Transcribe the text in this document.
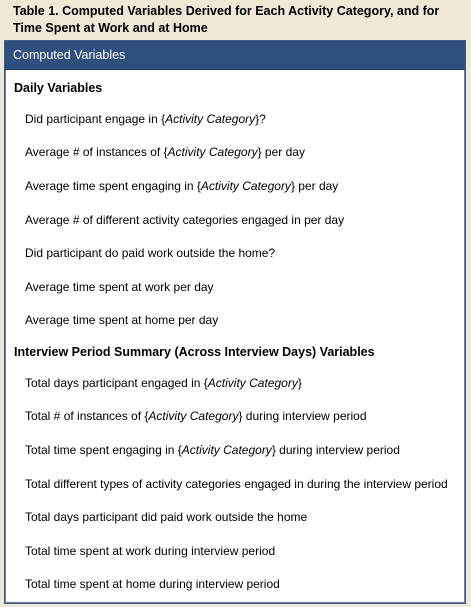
Table 1. Computed Variables Derived for Each Activity Category, and for Time Spent at Work and at Home
Computed Variables
Daily Variables
Did participant engage in {Activity Category}?
Average # of instances of {Activity Category} per day
Average time spent engaging in {Activity Category} per day
Average # of different activity categories engaged in per day
Did participant do paid work outside the home?
Average time spent at work per day
Average time spent at home per day
Interview Period Summary (Across Interview Days) Variables
Total days participant engaged in {Activity Category}
Total # of instances of {Activity Category} during interview period
Total time spent engaging in {Activity Category} during interview period
Total different types of activity categories engaged in during the interview period
Total days participant did paid work outside the home
Total time spent at work during interview period
Total time spent at home during interview period
